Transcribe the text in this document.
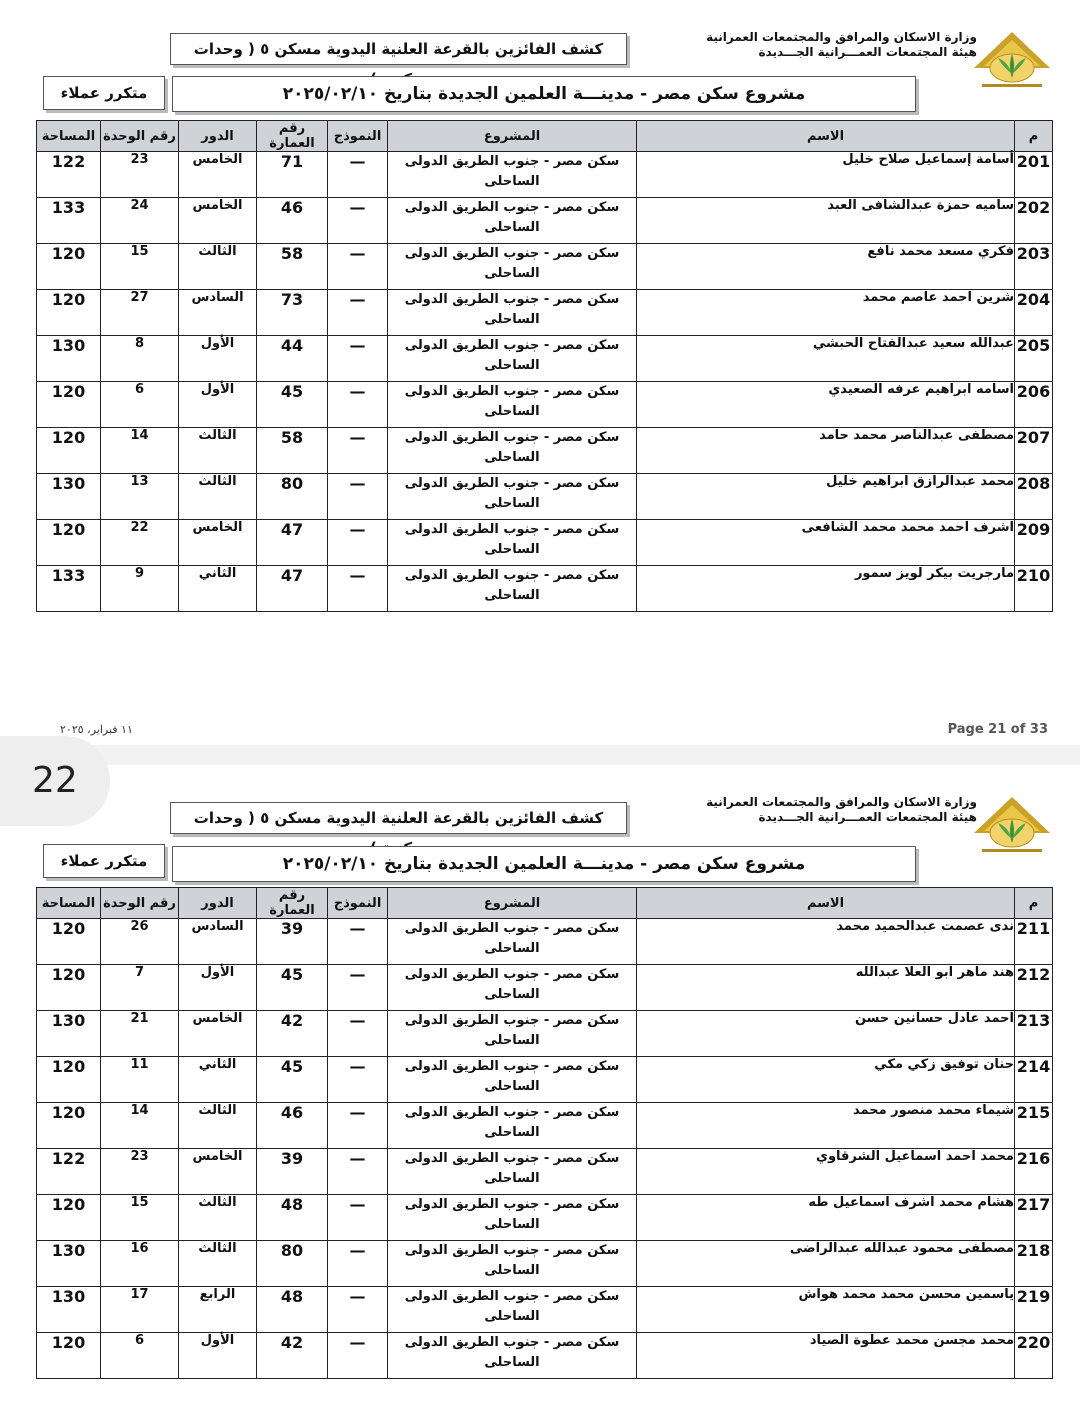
وزارة الاسكان والمرافق والمجتمعات العمرانية
هيئة المجتمعات العمـــرانية الجـــديدة
كشف الفائزين بالقرعة العلنية اليدوية مسكن ٥ ( وحدات
متكرر عملاء	مشروع سكن مصر - مدينـــة العلمين الجديدة بتاريخ ٢٠٢٥/٠٢/١٠
المساحة	رقم الوحدة	الدور	رقم العمارة	النموذج	المشروع	الاسم	م
122	23	الخامس	71	—	سكن مصر - جنوب الطريق الدولى الساحلى	أسامة إسماعيل صلاح خليل	201
133	24	الخامس	46	—	سكن مصر - جنوب الطريق الدولى الساحلى	ساميه حمزة عبدالشافى العبد	202
120	15	الثالث	58	—	سكن مصر - جنوب الطريق الدولى الساحلى	فكري مسعد محمد نافع	203
120	27	السادس	73	—	سكن مصر - جنوب الطريق الدولى الساحلى	شرين احمد عاصم محمد	204
130	8	الأول	44	—	سكن مصر - جنوب الطريق الدولى الساحلى	عبدالله سعيد عبدالفتاح الحبشي	205
120	6	الأول	45	—	سكن مصر - جنوب الطريق الدولى الساحلى	اسامه ابراهيم عرفه الصعيدي	206
120	14	الثالث	58	—	سكن مصر - جنوب الطريق الدولى الساحلى	مصطفى عبدالناصر محمد حامد	207
130	13	الثالث	80	—	سكن مصر - جنوب الطريق الدولى الساحلى	محمد عبدالرازق ابراهيم خليل	208
120	22	الخامس	47	—	سكن مصر - جنوب الطريق الدولى الساحلى	اشرف احمد محمد محمد الشافعى	209
133	9	الثاني	47	—	سكن مصر - جنوب الطريق الدولى الساحلى	مارجريت بيكر لويز سمور	210
١١ فبراير، ٢٠٢٥	Page 21 of 33
22
وزارة الاسكان والمرافق والمجتمعات العمرانية
هيئة المجتمعات العمـــرانية الجـــديدة
كشف الفائزين بالقرعة العلنية اليدوية مسكن ٥ ( وحدات
متكرر عملاء	مشروع سكن مصر - مدينـــة العلمين الجديدة بتاريخ ٢٠٢٥/٠٢/١٠
المساحة	رقم الوحدة	الدور	رقم العمارة	النموذج	المشروع	الاسم	م
120	26	السادس	39	—	سكن مصر - جنوب الطريق الدولى الساحلى	ندى عصمت عبدالحميد محمد	211
120	7	الأول	45	—	سكن مصر - جنوب الطريق الدولى الساحلى	هند ماهر ابو العلا عبدالله	212
130	21	الخامس	42	—	سكن مصر - جنوب الطريق الدولى الساحلى	احمد عادل حسانين حسن	213
120	11	الثاني	45	—	سكن مصر - جنوب الطريق الدولى الساحلى	حنان توفيق زكي مكي	214
120	14	الثالث	46	—	سكن مصر - جنوب الطريق الدولى الساحلى	شيماء محمد منصور محمد	215
122	23	الخامس	39	—	سكن مصر - جنوب الطريق الدولى الساحلى	محمد احمد اسماعيل الشرقاوي	216
120	15	الثالث	48	—	سكن مصر - جنوب الطريق الدولى الساحلى	هشام محمد اشرف اسماعيل طه	217
130	16	الثالث	80	—	سكن مصر - جنوب الطريق الدولى الساحلى	مصطفى محمود عبدالله عبدالراضى	218
130	17	الرابع	48	—	سكن مصر - جنوب الطريق الدولى الساحلى	ياسمين محسن محمد محمد هواش	219
120	6	الأول	42	—	سكن مصر - جنوب الطريق الدولى الساحلى	محمد مجسن محمد عطوة الصياد	220
